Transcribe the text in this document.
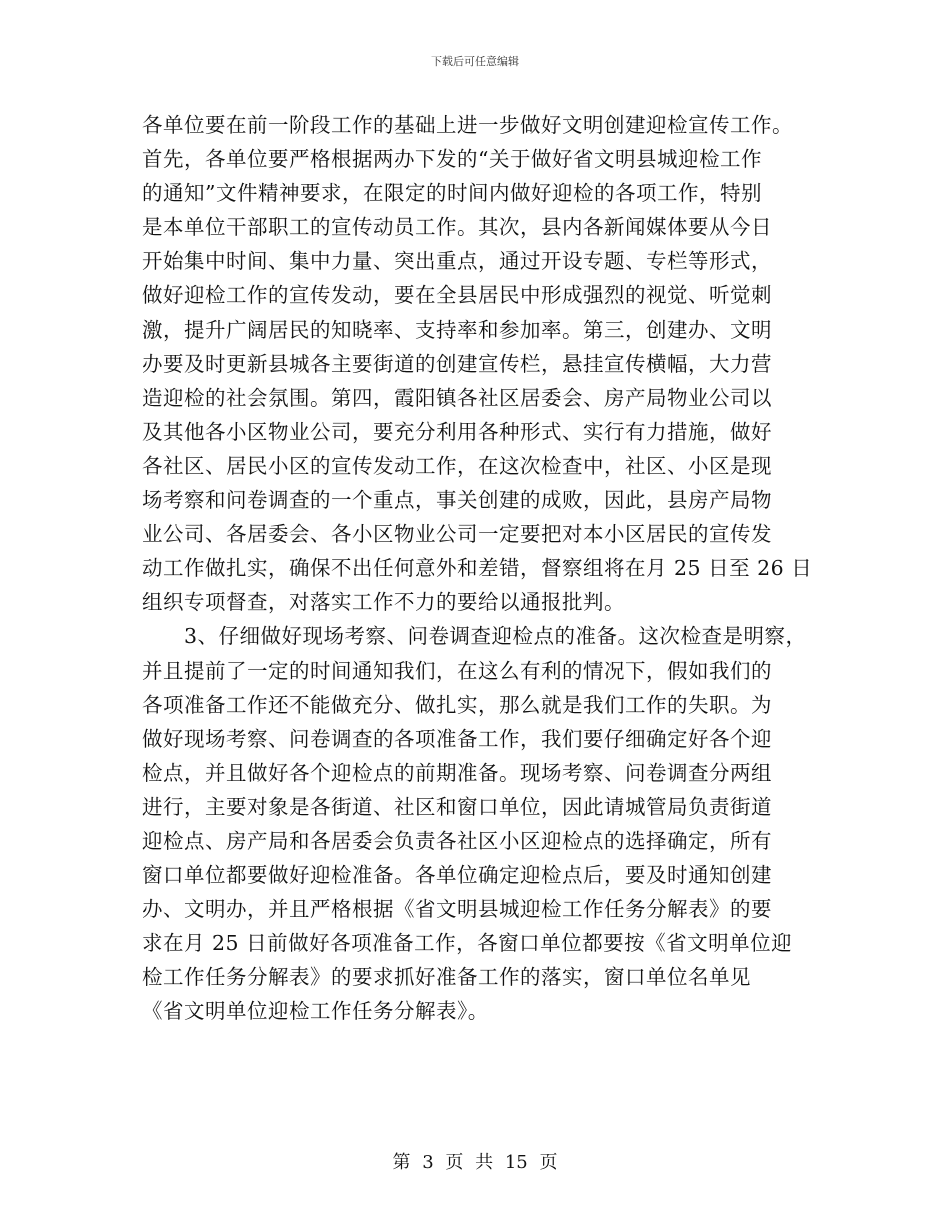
下载后可任意编辑
各单位要在前一阶段工作的基础上进一步做好文明创建迎检宣传工作。
首先，各单位要严格根据两办下发的“关于做好省文明县城迎检工作
的通知”文件精神要求，在限定的时间内做好迎检的各项工作，特别
是本单位干部职工的宣传动员工作。其次，县内各新闻媒体要从今日
开始集中时间、集中力量、突出重点，通过开设专题、专栏等形式，
做好迎检工作的宣传发动，要在全县居民中形成强烈的视觉、听觉刺
激，提升广阔居民的知晓率、支持率和参加率。第三，创建办、文明
办要及时更新县城各主要街道的创建宣传栏，悬挂宣传横幅，大力营
造迎检的社会氛围。第四，霞阳镇各社区居委会、房产局物业公司以
及其他各小区物业公司，要充分利用各种形式、实行有力措施，做好
各社区、居民小区的宣传发动工作，在这次检查中，社区、小区是现
场考察和问卷调查的一个重点，事关创建的成败，因此，县房产局物
业公司、各居委会、各小区物业公司一定要把对本小区居民的宣传发
动工作做扎实，确保不出任何意外和差错，督察组将在月 25 日至 26 日
组织专项督查，对落实工作不力的要给以通报批判。
　　3、仔细做好现场考察、问卷调查迎检点的准备。这次检查是明察，
并且提前了一定的时间通知我们，在这么有利的情况下，假如我们的
各项准备工作还不能做充分、做扎实，那么就是我们工作的失职。为
做好现场考察、问卷调查的各项准备工作，我们要仔细确定好各个迎
检点，并且做好各个迎检点的前期准备。现场考察、问卷调查分两组
进行，主要对象是各街道、社区和窗口单位，因此请城管局负责街道
迎检点、房产局和各居委会负责各社区小区迎检点的选择确定，所有
窗口单位都要做好迎检准备。各单位确定迎检点后，要及时通知创建
办、文明办，并且严格根据《省文明县城迎检工作任务分解表》的要
求在月 25 日前做好各项准备工作，各窗口单位都要按《省文明单位迎
检工作任务分解表》的要求抓好准备工作的落实，窗口单位名单见
《省文明单位迎检工作任务分解表》。
第 3 页 共 15 页
